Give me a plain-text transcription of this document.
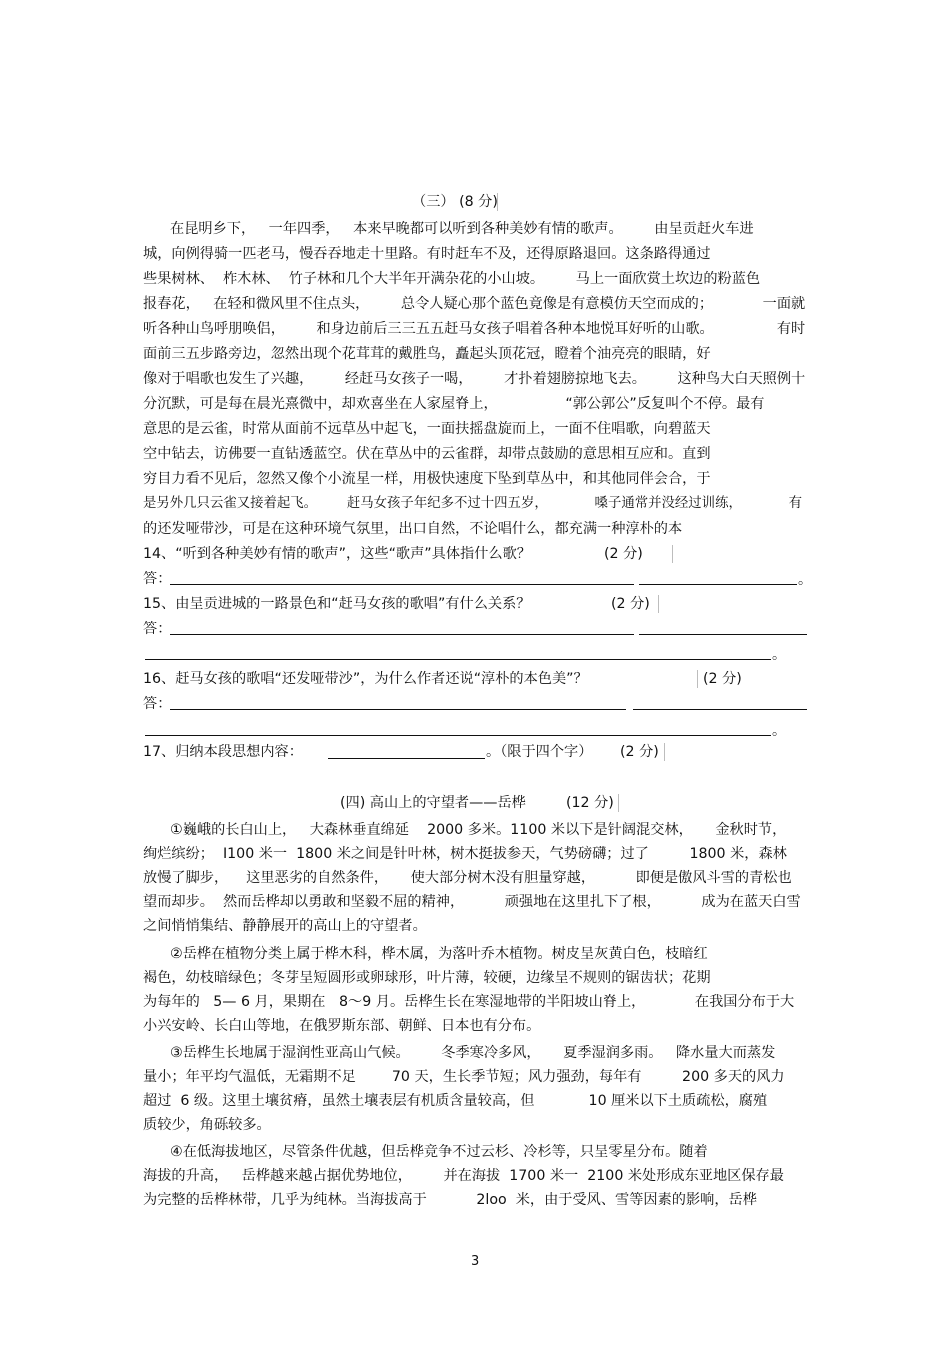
（三） (8 分)

在昆明乡下，   一年四季，   本来早晚都可以听到各种美妙有情的歌声。       由呈贡赶火车进

城，向例得骑一匹老马，慢吞吞地走十里路。有时赶车不及，还得原路退回。这条路得通过

些果树林、  柞木林、  竹子林和几个大半年开满杂花的小山坡。       马上一面欣赏土坎边的粉蓝色

报春花，   在轻和微风里不住点头，       总令人疑心那个蓝色竟像是有意模仿天空而成的；           一面就

听各种山鸟呼朋唤侣，       和身边前后三三五五赶马女孩子唱着各种本地悦耳好听的山歌。              有时

面前三五步路旁边，忽然出现个花茸茸的戴胜鸟，矗起头顶花冠，瞪着个油亮亮的眼睛，好

像对于唱歌也发生了兴趣，       经赶马女孩子一喝，       才扑着翅膀掠地飞去。       这种鸟大白天照例十

分沉默，可是每在晨光熹微中，却欢喜坐在人家屋脊上，               “郭公郭公”反复叫个不停。最有

意思的是云雀，时常从面前不远草丛中起飞，一面扶摇盘旋而上，一面不住唱歌，向碧蓝天

空中钻去，访佛要一直钻透蓝空。伏在草丛中的云雀群，却带点鼓励的意思相互应和。直到

穷目力看不见后，忽然又像个小流星一样，用极快速度下坠到草丛中，和其他同伴会合，于

是另外几只云雀又接着起飞。       赶马女孩子年纪多不过十四五岁，           嗓子通常并没经过训练，           有

的还发哑带沙，可是在这种环境气氛里，出口自然，不论唱什么，都充满一种淳朴的本

14、“听到各种美妙有情的歌声”，这些“歌声”具体指什么歌？	(2 分)

答：	。

15、由呈贡进城的一路景色和“赶马女孩的歌唱”有什么关系？	(2 分)

答：

。

16、赶马女孩的歌唱“还发哑带沙”，为什么作者还说“淳朴的本色美”？	(2 分)

答：

。

17、归纳本段思想内容：	。（限于四个字） (2 分)

(四) 高山上的守望者——岳桦	(12 分)

①巍峨的长白山上，   大森林垂直绵延    2000 多米。1100 米以下是针阔混交林，     金秋时节，

绚烂缤纷；  I100 米一  1800 米之间是针叶林，树木挺拔参天，气势磅礴；过了         1800 米，森林

放慢了脚步，    这里恶劣的自然条件，     使大部分树木没有胆量穿越，         即便是傲风斗雪的青松也

望而却步。  然而岳桦却以勇敢和坚毅不屈的精神，         顽强地在这里扎下了根，         成为在蓝天白雪

之间悄悄集结、静静展开的高山上的守望者。

②岳桦在植物分类上属于桦木科，桦木属，为落叶乔木植物。树皮呈灰黄白色，枝暗红

褐色，幼枝暗绿色；冬芽呈短圆形或卵球形，叶片薄，较硬，边缘呈不规则的锯齿状；花期

为每年的   5— 6 月，果期在   8～9 月。岳桦生长在寒湿地带的半阳坡山脊上，           在我国分布于大

小兴安岭、长白山等地，在俄罗斯东部、朝鲜、日本也有分布。

③岳桦生长地属于湿润性亚高山气候。       冬季寒冷多风，     夏季湿润多雨。   降水量大而蒸发

量小；年平均气温低，无霜期不足        70 天，生长季节短；风力强劲，每年有         200 多天的风力

超过  6 级。这里土壤贫瘠，虽然土壤表层有机质含量较高，但            10 厘米以下土质疏松，腐殖

质较少，角砾较多。

④在低海拔地区，尽管条件优越，但岳桦竞争不过云杉、冷杉等，只呈零星分布。随着

海拔的升高，   岳桦越来越占据优势地位，       并在海拔  1700 米一  2100 米处形成东亚地区保存最

为完整的岳桦林带，几乎为纯林。当海拔高于           2loo  米，由于受风、雪等因素的影响，岳桦

3
